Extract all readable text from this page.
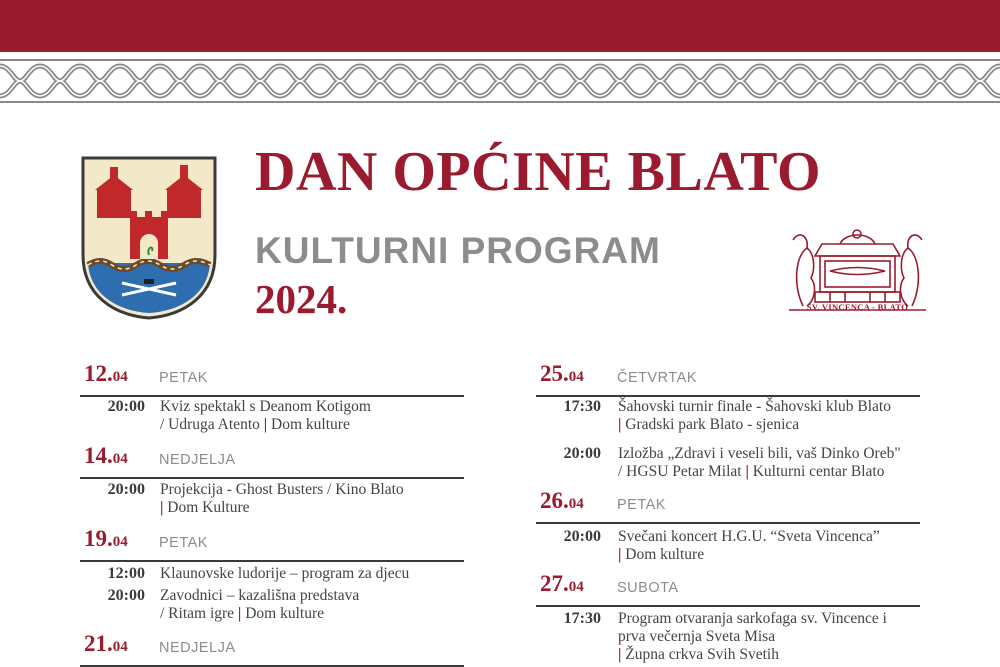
DAN OPĆINE BLATO
KULTURNI PROGRAM
2024.	SV. VINCENCA - BLATO
12.04 PETAK
20:00 Kviz spektakl s Deanom Kotigom
/ Udruga Atento | Dom kulture
14.04 NEDJELJA
20:00 Projekcija - Ghost Busters / Kino Blato
| Dom Kulture
19.04 PETAK
12:00 Klaunovske ludorije – program za djecu
20:00 Zavodnici – kazališna predstava
/ Ritam igre | Dom kulture
21.04 NEDJELJA
25.04 ČETVRTAK
17:30 Šahovski turnir finale - Šahovski klub Blato
| Gradski park Blato - sjenica
20:00 Izložba „Zdravi i veseli bili, vaš Dinko Oreb"
/ HGSU Petar Milat | Kulturni centar Blato
26.04 PETAK
20:00 Svečani koncert H.G.U. “Sveta Vincenca”
| Dom kulture
27.04 SUBOTA
17:30 Program otvaranja sarkofaga sv. Vincence i
prva večernja Sveta Misa
| Župna crkva Svih Svetih
